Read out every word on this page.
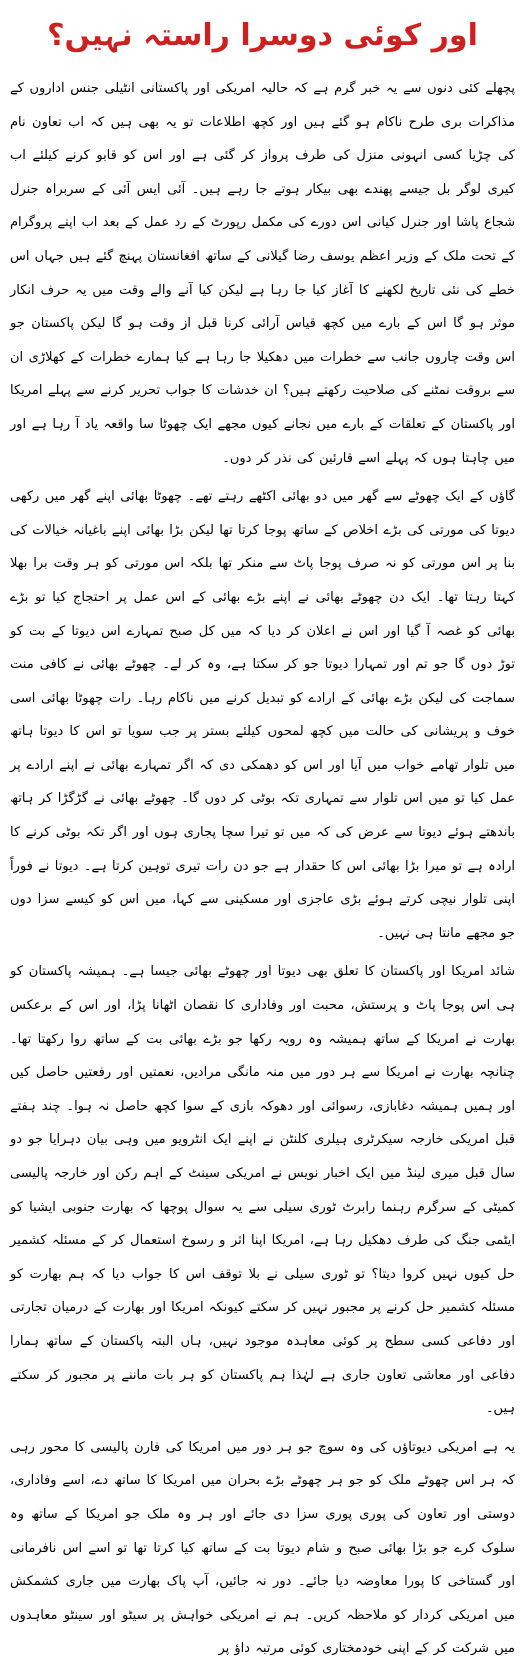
اور کوئی دوسرا راستہ نہیں؟

پچھلے کئی دنوں سے یہ خبر گرم ہے کہ حالیہ امریکی اور پاکستانی انٹیلی جنس اداروں کے مذاکرات بری طرح ناکام ہو گئے ہیں اور کچھ اطلاعات تو یہ بھی ہیں کہ اب تعاون نام کی چڑیا کسی انہونی منزل کی طرف پرواز کر گئی ہے اور اس کو قابو کرنے کیلئے اب کیری لوگر بل جیسے پھندے بھی بیکار ہوتے جا رہے ہیں۔ آئی ایس آئی کے سربراہ جنرل شجاع پاشا اور جنرل کیانی اس دورے کی مکمل رپورٹ کے رد عمل کے بعد اب اپنے پروگرام کے تحت ملک کے وزیر اعظم یوسف رضا گیلانی کے ساتھ افغانستان پہنچ گئے ہیں جہاں اس خطے کی نئی تاریخ لکھنے کا آغاز کیا جا رہا ہے لیکن کیا آنے والے وقت میں یہ حرف انکار موثر ہو گا اس کے بارے میں کچھ قیاس آرائی کرنا قبل از وقت ہو گا لیکن پاکستان جو اس وقت چاروں جانب سے خطرات میں دھکیلا جا رہا ہے کیا ہمارے خطرات کے کھلاڑی ان سے بروقت نمٹنے کی صلاحیت رکھتے ہیں؟ ان خدشات کا جواب تحریر کرنے سے پہلے امریکا اور پاکستان کے تعلقات کے بارے میں نجانے کیوں مجھے ایک چھوٹا سا واقعہ یاد آ رہا ہے اور میں چاہتا ہوں کہ پہلے اسے قارئین کی نذر کر دوں۔

گاؤں کے ایک چھوٹے سے گھر میں دو بھائی اکٹھے رہتے تھے۔ چھوٹا بھائی اپنے گھر میں رکھی دیوتا کی مورتی کی بڑے اخلاص کے ساتھ پوجا کرتا تھا لیکن بڑا بھائی اپنے باغیانہ خیالات کی بنا پر اس مورتی کو نہ صرف پوجا پاٹ سے منکر تھا بلکہ اس مورتی کو ہر وقت برا بھلا کہتا رہتا تھا۔ ایک دن چھوٹے بھائی نے اپنے بڑے بھائی کے اس عمل پر احتجاج کیا تو بڑے بھائی کو غصہ آ گیا اور اس نے اعلان کر دیا کہ میں کل صبح تمہارے اس دیوتا کے بت کو توڑ دوں گا جو تم اور تمہارا دیوتا جو کر سکتا ہے، وہ کر لے۔ چھوٹے بھائی نے کافی منت سماجت کی لیکن بڑے بھائی کے ارادے کو تبدیل کرنے میں ناکام رہا۔ رات چھوٹا بھائی اسی خوف و پریشانی کی حالت میں کچھ لمحوں کیلئے بستر پر جب سویا تو اس کا دیوتا ہاتھ میں تلوار تھامے خواب میں آیا اور اس کو دھمکی دی کہ اگر تمہارے بھائی نے اپنے ارادے پر عمل کیا تو میں اس تلوار سے تمہاری تکہ بوٹی کر دوں گا۔ چھوٹے بھائی نے گڑگڑا کر ہاتھ باندھتے ہوئے دیوتا سے عرض کی کہ میں تو تیرا سچا پجاری ہوں اور اگر تکہ بوٹی کرنے کا ارادہ ہے تو میرا بڑا بھائی اس کا حقدار ہے جو دن رات تیری توہین کرتا ہے۔ دیوتا نے فوراً اپنی تلوار نیچی کرتے ہوئے بڑی عاجزی اور مسکینی سے کہا، میں اس کو کیسے سزا دوں جو مجھے مانتا ہی نہیں۔

شائد امریکا اور پاکستان کا تعلق بھی دیوتا اور چھوٹے بھائی جیسا ہے۔ ہمیشہ پاکستان کو ہی اس پوجا پاٹ و پرستش، محبت اور وفاداری کا نقصان اٹھانا پڑا، اور اس کے برعکس بھارت نے امریکا کے ساتھ ہمیشہ وہ رویہ رکھا جو بڑے بھائی بت کے ساتھ روا رکھتا تھا۔ چنانچہ بھارت نے امریکا سے ہر دور میں منہ مانگی مرادیں، نعمتیں اور رفعتیں حاصل کیں اور ہمیں ہمیشہ دغابازی، رسوائی اور دھوکہ بازی کے سوا کچھ حاصل نہ ہوا۔ چند ہفتے قبل امریکی خارجہ سیکرٹری ہیلری کلنٹن نے اپنے ایک انٹرویو میں وہی بیان دہرایا جو دو سال قبل میری لینڈ میں ایک اخبار نویس نے امریکی سینٹ کے اہم رکن اور خارجہ پالیسی کمیٹی کے سرگرم رہنما رابرٹ ٹوری سیلی سے یہ سوال پوچھا کہ بھارت جنوبی ایشیا کو ایٹمی جنگ کی طرف دھکیل رہا ہے، امریکا اپنا اثر و رسوخ استعمال کر کے مسئلہ کشمیر حل کیوں نہیں کروا دیتا؟ تو ٹوری سیلی نے بلا توقف اس کا جواب دیا کہ ہم بھارت کو مسئلہ کشمیر حل کرنے پر مجبور نہیں کر سکتے کیونکہ امریکا اور بھارت کے درمیان تجارتی اور دفاعی کسی سطح پر کوئی معاہدہ موجود نہیں، ہاں البتہ پاکستان کے ساتھ ہمارا دفاعی اور معاشی تعاون جاری ہے لہٰذا ہم پاکستان کو ہر بات ماننے پر مجبور کر سکتے ہیں۔

یہ ہے امریکی دیوتاؤں کی وہ سوچ جو ہر دور میں امریکا کی فارن پالیسی کا محور رہی کہ ہر اس چھوٹے ملک کو جو ہر چھوٹے بڑے بحران میں امریکا کا ساتھ دے، اسے وفاداری، دوستی اور تعاون کی پوری پوری سزا دی جائے اور ہر وہ ملک جو امریکا کے ساتھ وہ سلوک کرے جو بڑا بھائی صبح و شام دیوتا بت کے ساتھ کیا کرتا تھا تو اسے اس نافرمانی اور گستاخی کا پورا معاوضہ دیا جائے۔ دور نہ جائیں، آپ پاک بھارت میں جاری کشمکش میں امریکی کردار کو ملاحظہ کریں۔ ہم نے امریکی خواہش پر سیٹو اور سینٹو معاہدوں میں شرکت کر کے اپنی خودمختاری کوئی مرتبہ داؤ پر
